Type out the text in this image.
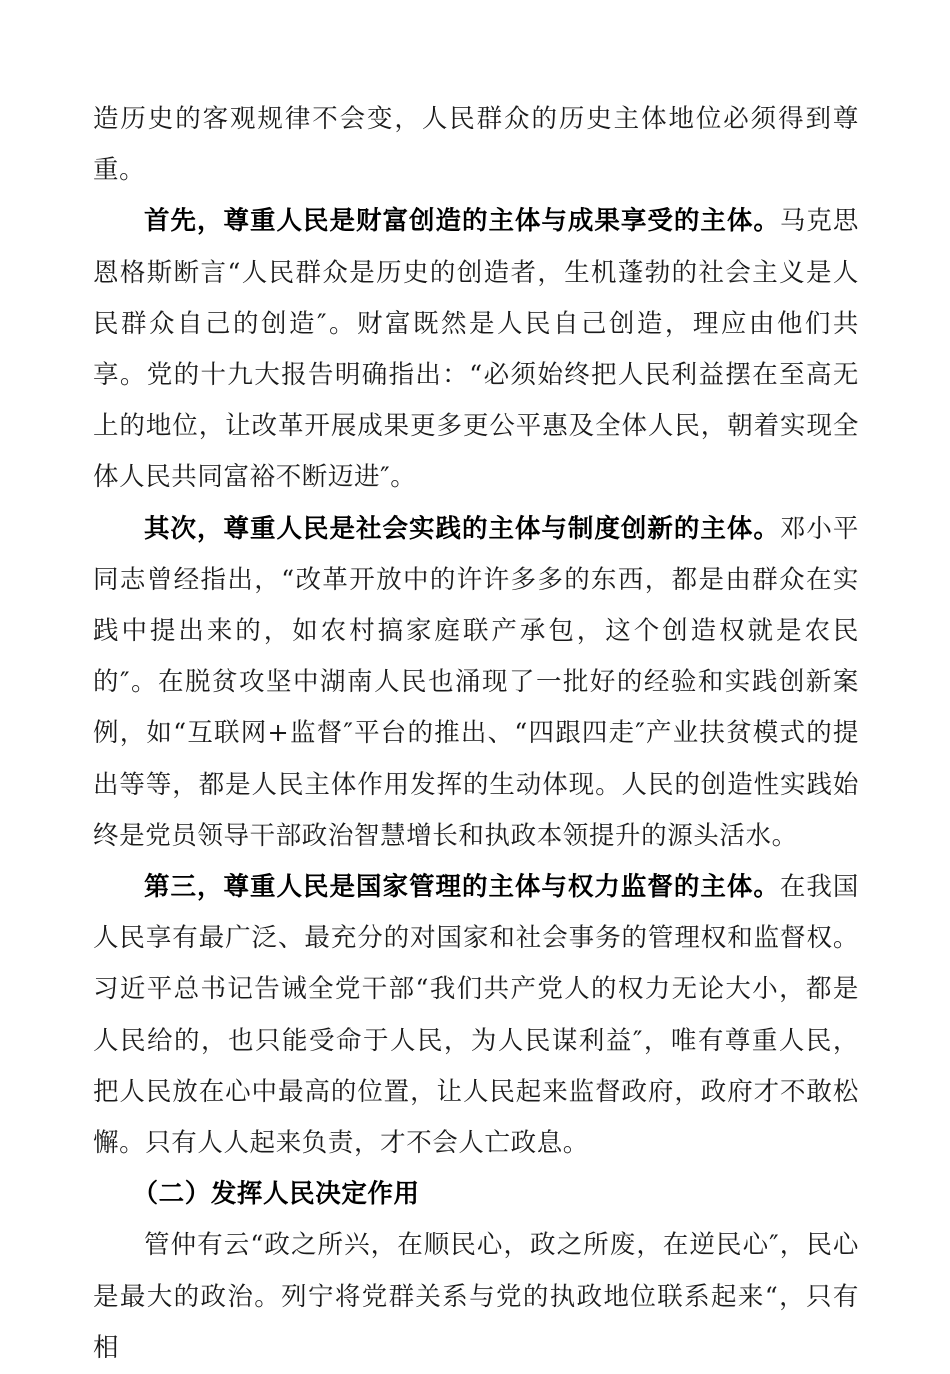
造历史的客观规律不会变，人民群众的历史主体地位必须得到尊重。

首先，尊重人民是财富创造的主体与成果享受的主体。马克思恩格斯断言“人民群众是历史的创造者，生机蓬勃的社会主义是人民群众自己的创造″。财富既然是人民自己创造，理应由他们共享。党的十九大报告明确指出：“必须始终把人民利益摆在至高无上的地位，让改革开展成果更多更公平惠及全体人民，朝着实现全体人民共同富裕不断迈进″。

其次，尊重人民是社会实践的主体与制度创新的主体。邓小平同志曾经指出，“改革开放中的许许多多的东西，都是由群众在实践中提出来的，如农村搞家庭联产承包，这个创造权就是农民的″。在脱贫攻坚中湖南人民也涌现了一批好的经验和实践创新案例，如“互联网+监督″平台的推出、“四跟四走″产业扶贫模式的提出等等，都是人民主体作用发挥的生动体现。人民的创造性实践始终是党员领导干部政治智慧增长和执政本领提升的源头活水。

第三，尊重人民是国家管理的主体与权力监督的主体。在我国人民享有最广泛、最充分的对国家和社会事务的管理权和监督权。习近平总书记告诫全党干部“我们共产党人的权力无论大小，都是人民给的，也只能受命于人民，为人民谋利益″，唯有尊重人民，把人民放在心中最高的位置，让人民起来监督政府，政府才不敢松懈。只有人人起来负责，才不会人亡政息。

（二）发挥人民决定作用

管仲有云“政之所兴，在顺民心，政之所废，在逆民心″，民心是最大的政治。列宁将党群关系与党的执政地位联系起来“，只有相
